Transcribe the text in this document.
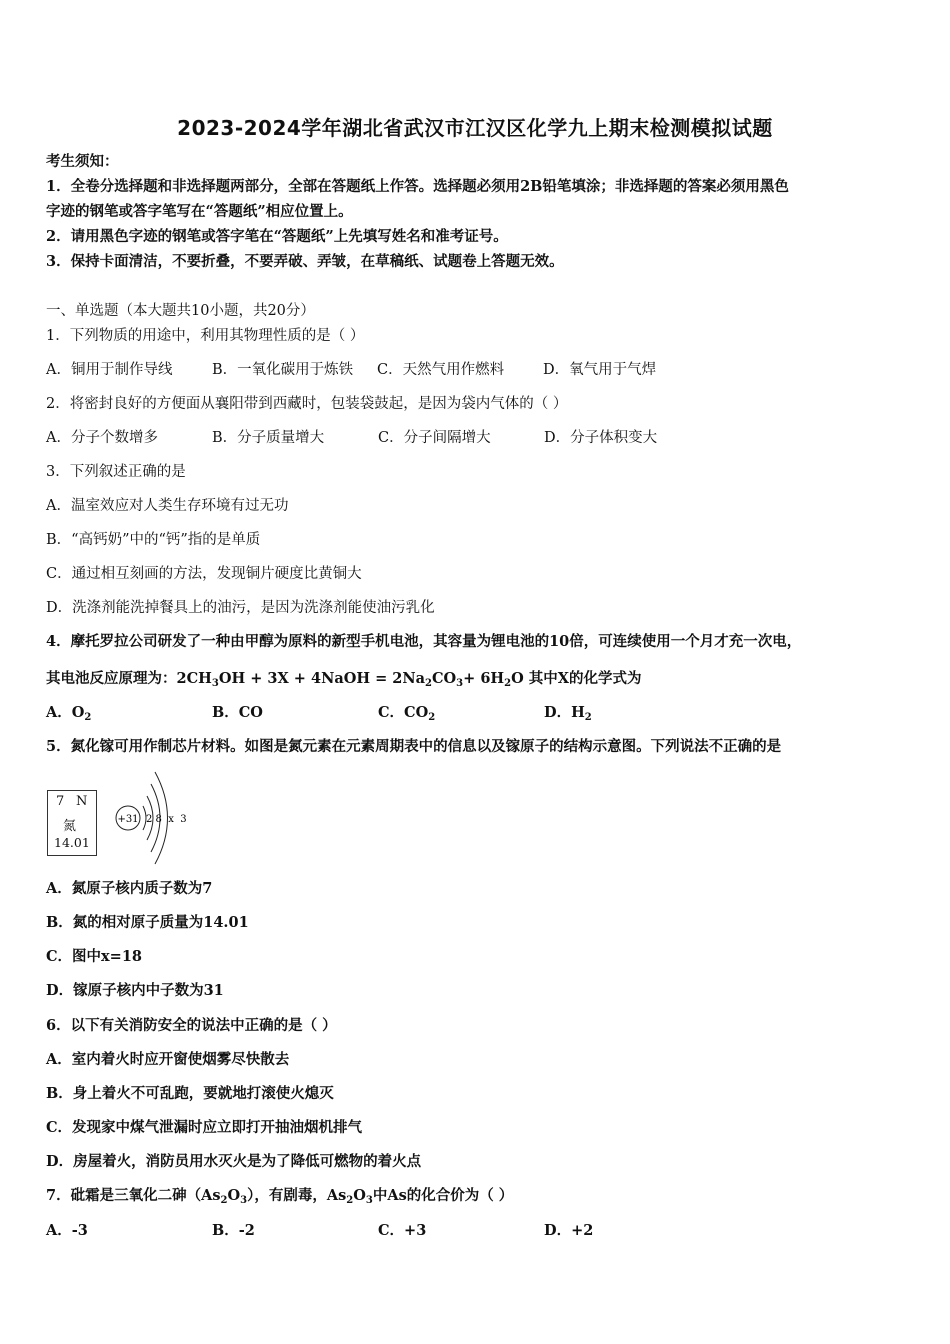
2023-2024学年湖北省武汉市江汉区化学九上期末检测模拟试题
考生须知：
1．全卷分选择题和非选择题两部分，全部在答题纸上作答。选择题必须用2B铅笔填涂；非选择题的答案必须用黑色
字迹的钢笔或答字笔写在“答题纸”相应位置上。
2．请用黑色字迹的钢笔或答字笔在“答题纸”上先填写姓名和准考证号。
3．保持卡面清洁，不要折叠，不要弄破、弄皱，在草稿纸、试题卷上答题无效。
一、单选题（本大题共10小题，共20分）
1．下列物质的用途中，利用其物理性质的是（ ）
A．铜用于制作导线	B．一氧化碳用于炼铁 C．天然气用作燃料	D．氧气用于气焊
2．将密封良好的方便面从襄阳带到西藏时，包装袋鼓起，是因为袋内气体的（ ）
A．分子个数增多	B．分子质量增大	C．分子间隔增大	D．分子体积变大
3．下列叙述正确的是
A．温室效应对人类生存环境有过无功
B．“高钙奶”中的“钙”指的是单质
C．通过相互刻画的方法，发现铜片硬度比黄铜大
D．洗涤剂能洗掉餐具上的油污，是因为洗涤剂能使油污乳化
4．摩托罗拉公司研发了一种由甲醇为原料的新型手机电池，其容量为锂电池的10倍，可连续使用一个月才充一次电，
其电池反应原理为：$2CH_3OH + 3X$ + 4NaOH = $2Na_2CO_3+ 6H_2O$ 其中X的化学式为
A．$O_2$	B．CO	C．$CO_2$	D．$H_2$
5．氮化镓可用作制芯片材料。如图是氮元素在元素周期表中的信息以及镓原子的结构示意图。下列说法不正确的是
7 N
氮
14.01
+31 2 8  x  3
A．氮原子核内质子数为7
B．氮的相对原子质量为14.01
C．图中x=18
D．镓原子核内中子数为31
6．以下有关消防安全的说法中正确的是（ ）
A．室内着火时应开窗使烟雾尽快散去
B．身上着火不可乱跑，要就地打滚使火熄灭
C．发现家中煤气泄漏时应立即打开抽油烟机排气
D．房屋着火，消防员用水灭火是为了降低可燃物的着火点
7．砒霜是三氧化二砷$(As_2O_3)$，有剧毒，$As_2O_3$中As的化合价为（ ）
A．-3	B．-2	C．+3	D．+2
